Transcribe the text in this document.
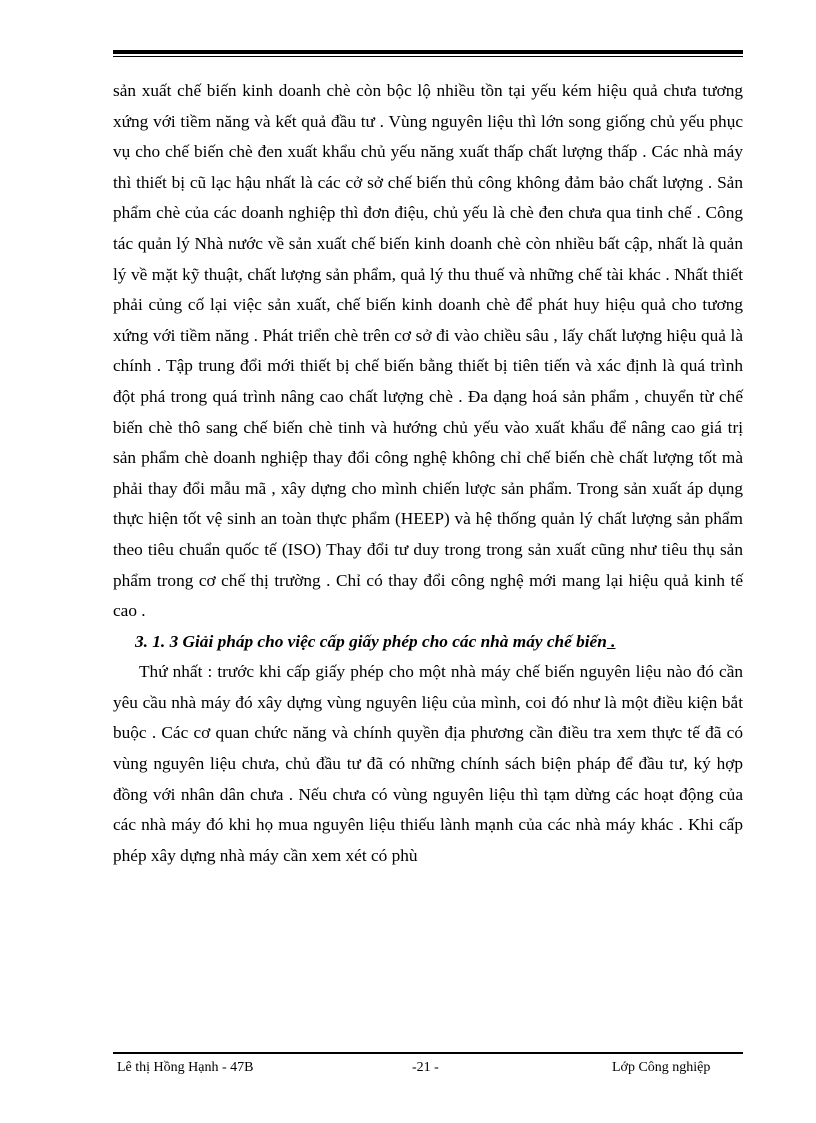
sản xuất chế biến kinh doanh chè còn bộc lộ nhiều tồn tại yếu kém hiệu quả chưa tương xứng với tiềm năng và kết quả đầu tư . Vùng nguyên liệu thì lớn song giống chủ yếu phục vụ cho chế biến chè đen xuất khẩu chủ yếu năng xuất thấp chất lượng thấp . Các nhà máy thì thiết bị cũ lạc hậu nhất là các cở sở chế biến thủ công không đảm bảo chất lượng . Sản phẩm chè của các doanh nghiệp thì đơn điệu, chủ yếu là chè đen chưa qua tinh chế . Công tác quản lý Nhà nước về sản xuất chế biến kinh doanh chè còn nhiều bất cập, nhất là quản lý về mặt kỹ thuật, chất lượng sản phẩm, quả lý thu thuế và những chế tài khác . Nhất thiết phải củng cố lại việc sản xuất, chế biến kinh doanh chè để phát huy hiệu quả cho tương xứng với tiềm năng . Phát triển chè trên cơ sở đi vào chiều sâu , lấy chất lượng hiệu quả là chính . Tập trung đổi mới thiết bị chế biến bằng thiết bị tiên tiến và xác định là quá trình đột phá trong quá trình nâng cao chất lượng chè . Đa dạng hoá sản phẩm , chuyển từ chế biến chè thô sang chế biến chè tinh và hướng chủ yếu vào xuất khẩu để nâng cao giá trị sản phẩm chè doanh nghiệp thay đổi công nghệ không chỉ chế biến chè chất lượng tốt mà phải thay đổi mẫu mã , xây dựng cho mình chiến lược sản phẩm. Trong sản xuất áp dụng thực hiện tốt vệ sinh an toàn thực phẩm (HEEP) và hệ thống quản lý chất lượng sản phẩm theo tiêu chuẩn quốc tế (ISO) Thay đổi tư duy trong trong sản xuất cũng như tiêu thụ sản phẩm trong cơ chế thị trường . Chỉ có thay đổi công nghệ mới mang lại hiệu quả kinh tế cao .

3. 1. 3 Giải pháp cho việc cấp giấy phép cho các nhà máy chế biến .

Thứ nhất : trước khi cấp giấy phép cho một nhà máy chế biến nguyên liệu nào đó cần yêu cầu nhà máy đó xây dựng vùng nguyên liệu của mình, coi đó như là một điều kiện bắt buộc . Các cơ quan chức năng và chính quyền địa phương cần điều tra xem thực tế đã có vùng nguyên liệu chưa, chủ đầu tư đã có những chính sách biện pháp để đầu tư, ký hợp đồng với nhân dân chưa . Nếu chưa có vùng nguyên liệu thì tạm dừng các hoạt động của các nhà máy đó khi họ mua nguyên liệu thiếu lành mạnh của các nhà máy khác . Khi cấp phép xây dựng nhà máy cần xem xét có phù

Lê thị Hồng Hạnh - 47B	-21 -	Lớp Công nghiệp
